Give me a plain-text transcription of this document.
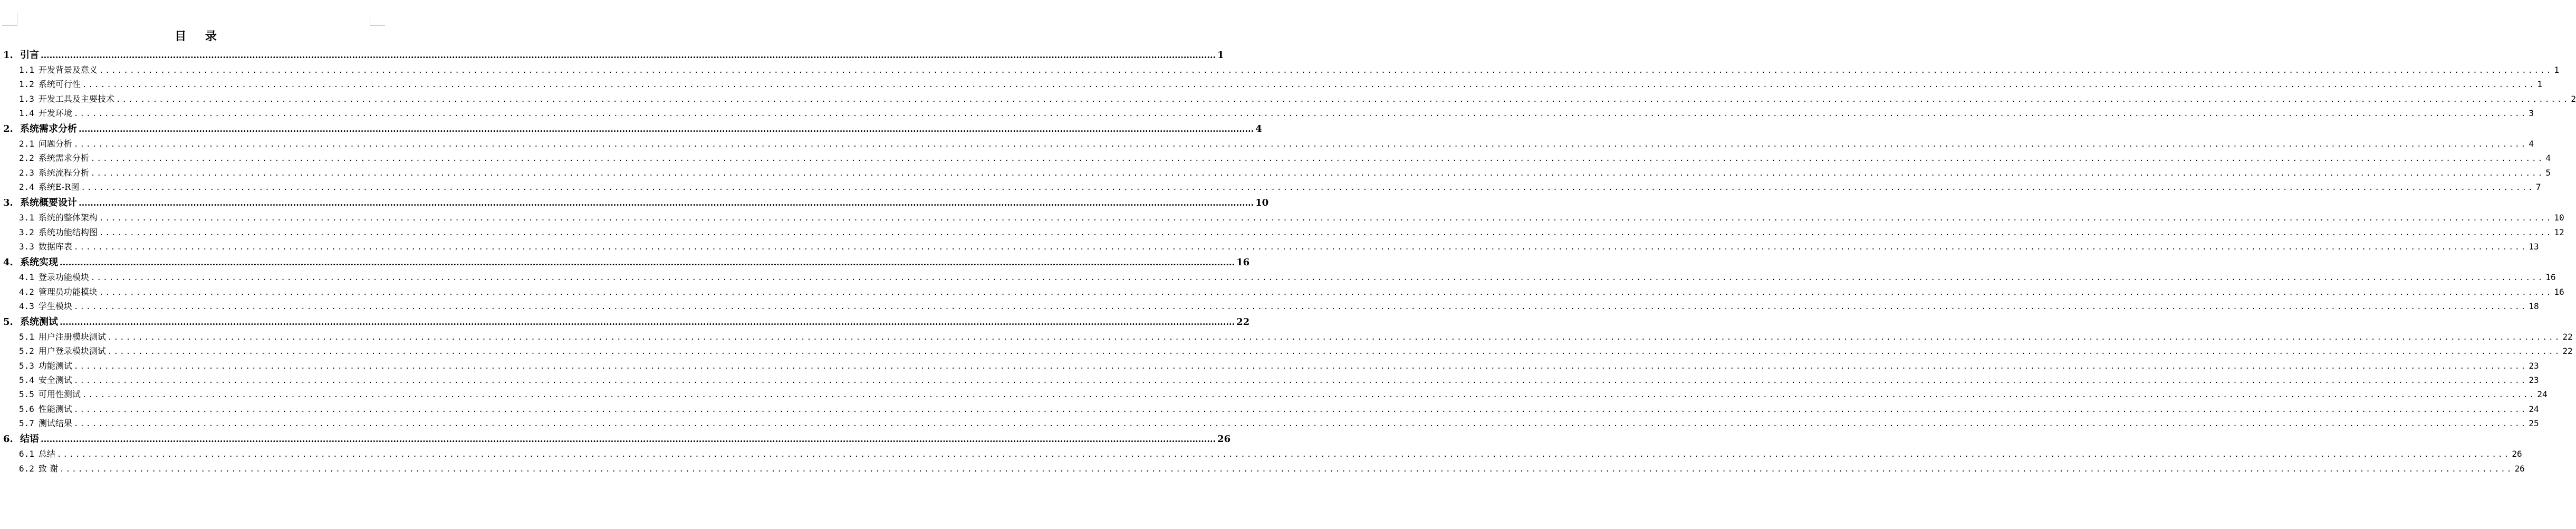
目 录
1. 引言 ................................................................................................................................................................................................................................................................................................................................................................................................................ 1
1.1 开发背景及意义 ................................................................................................................................................................................................................................................................................................................................................................................................................ 1
1.2 系统可行性 ................................................................................................................................................................................................................................................................................................................................................................................................................ 1
1.3 开发工具及主要技术 ................................................................................................................................................................................................................................................................................................................................................................................................................ 2
1.4 开发环境 ................................................................................................................................................................................................................................................................................................................................................................................................................ 3
2. 系统需求分析 ................................................................................................................................................................................................................................................................................................................................................................................................................ 4
2.1 问题分析 ................................................................................................................................................................................................................................................................................................................................................................................................................ 4
2.2 系统需求分析 ................................................................................................................................................................................................................................................................................................................................................................................................................ 4
2.3 系统流程分析 ................................................................................................................................................................................................................................................................................................................................................................................................................ 5
2.4 系统E-R图 ................................................................................................................................................................................................................................................................................................................................................................................................................ 7
3. 系统概要设计 ................................................................................................................................................................................................................................................................................................................................................................................................................ 10
3.1 系统的整体架构 ................................................................................................................................................................................................................................................................................................................................................................................................................ 10
3.2 系统功能结构图 ................................................................................................................................................................................................................................................................................................................................................................................................................ 12
3.3 数据库表 ................................................................................................................................................................................................................................................................................................................................................................................................................ 13
4. 系统实现 ................................................................................................................................................................................................................................................................................................................................................................................................................ 16
4.1 登录功能模块 ................................................................................................................................................................................................................................................................................................................................................................................................................ 16
4.2 管理员功能模块 ................................................................................................................................................................................................................................................................................................................................................................................................................ 16
4.3 学生模块 ................................................................................................................................................................................................................................................................................................................................................................................................................ 18
5. 系统测试 ................................................................................................................................................................................................................................................................................................................................................................................................................ 22
5.1 用户注册模块测试 ................................................................................................................................................................................................................................................................................................................................................................................................................ 22
5.2 用户登录模块测试 ................................................................................................................................................................................................................................................................................................................................................................................................................ 22
5.3 功能测试 ................................................................................................................................................................................................................................................................................................................................................................................................................ 23
5.4 安全测试 ................................................................................................................................................................................................................................................................................................................................................................................................................ 23
5.5 可用性测试 ................................................................................................................................................................................................................................................................................................................................................................................................................ 24
5.6 性能测试 ................................................................................................................................................................................................................................................................................................................................................................................................................ 24
5.7 测试结果 ................................................................................................................................................................................................................................................................................................................................................................................................................ 25
6. 结语 ................................................................................................................................................................................................................................................................................................................................................................................................................ 26
6.1 总结 ................................................................................................................................................................................................................................................................................................................................................................................................................ 26
6.2 致 谢 ................................................................................................................................................................................................................................................................................................................................................................................................................ 26
